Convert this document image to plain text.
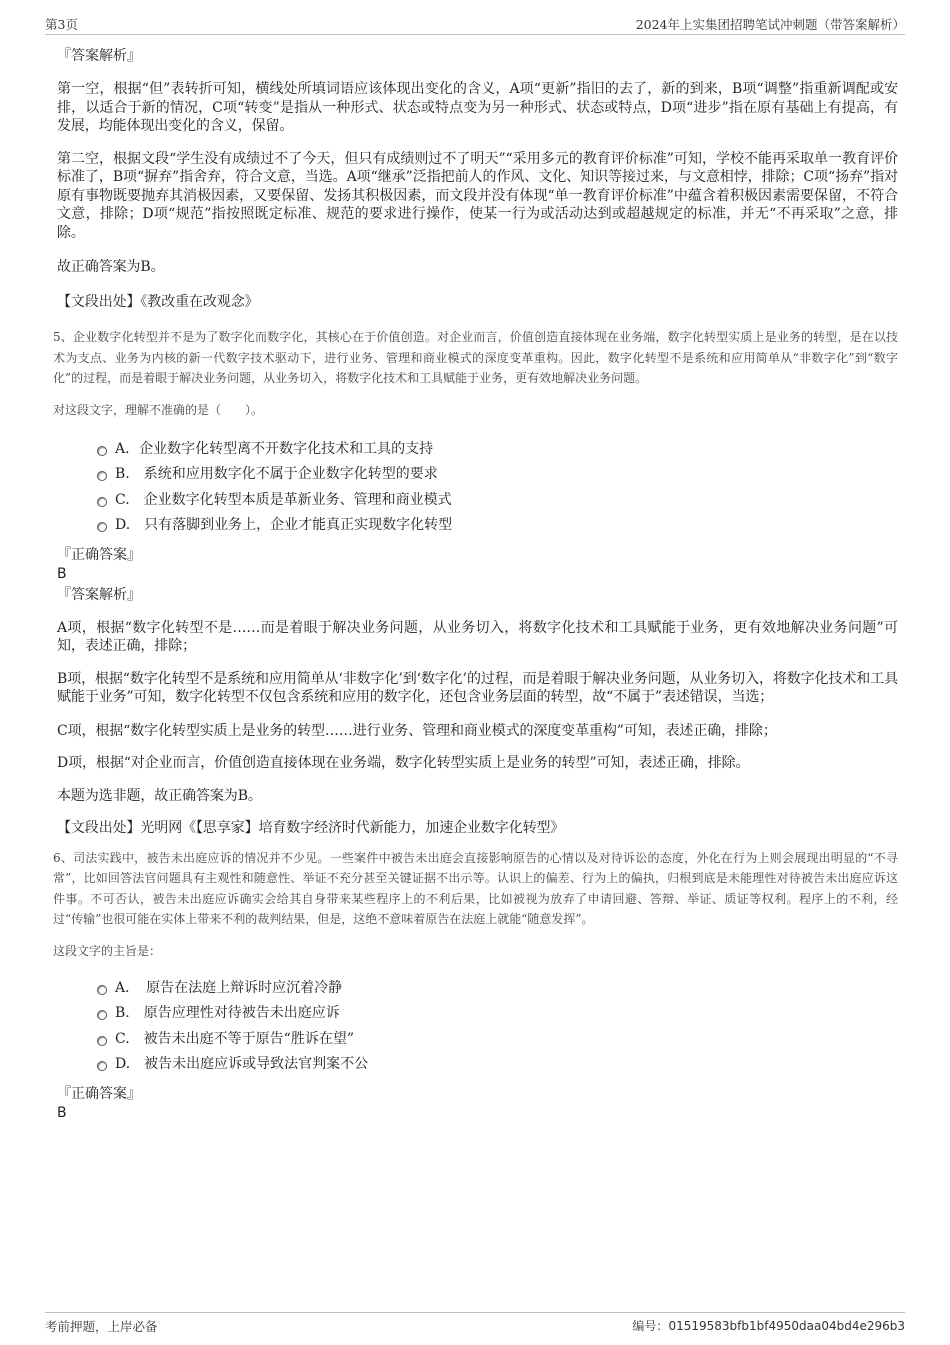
第3页	2024年上实集团招聘笔试冲刺题（带答案解析）

『答案解析』

第一空，根据“但”表转折可知，横线处所填词语应该体现出变化的含义，A项“更新”指旧的去了，新的到来，B项“调整”指重新调配或安排，以适合于新的情况，C项“转变”是指从一种形式、状态或特点变为另一种形式、状态或特点，D项“进步”指在原有基础上有提高，有发展，均能体现出变化的含义，保留。

第二空，根据文段“学生没有成绩过不了今天，但只有成绩则过不了明天”“采用多元的教育评价标准”可知，学校不能再采取单一教育评价标准了，B项“摒弃”指舍弃，符合文意，当选。A项“继承”泛指把前人的作风、文化、知识等接过来，与文意相悖，排除；C项“扬弃”指对原有事物既要抛弃其消极因素，又要保留、发扬其积极因素，而文段并没有体现“单一教育评价标准”中蕴含着积极因素需要保留，不符合文意，排除；D项“规范”指按照既定标准、规范的要求进行操作，使某一行为或活动达到或超越规定的标准，并无“不再采取”之意，排除。

故正确答案为B。

【文段出处】《教改重在改观念》

5、企业数字化转型并不是为了数字化而数字化，其核心在于价值创造。对企业而言，价值创造直接体现在业务端，数字化转型实质上是业务的转型，是在以技术为支点、业务为内核的新一代数字技术驱动下，进行业务、管理和商业模式的深度变革重构。因此，数字化转型不是系统和应用简单从“非数字化”到“数字化”的过程，而是着眼于解决业务问题，从业务切入，将数字化技术和工具赋能于业务，更有效地解决业务问题。

对这段文字，理解不准确的是（　　）。

A．企业数字化转型离不开数字化技术和工具的支持
B.　系统和应用数字化不属于企业数字化转型的要求
C.　企业数字化转型本质是革新业务、管理和商业模式
D.　只有落脚到业务上，企业才能真正实现数字化转型

『正确答案』

B

『答案解析』

A项，根据“数字化转型不是……而是着眼于解决业务问题，从业务切入，将数字化技术和工具赋能于业务，更有效地解决业务问题”可知，表述正确，排除；

B项，根据“数字化转型不是系统和应用简单从‘非数字化’到‘数字化’的过程，而是着眼于解决业务问题，从业务切入，将数字化技术和工具赋能于业务”可知，数字化转型不仅包含系统和应用的数字化，还包含业务层面的转型，故“不属于”表述错误，当选；

C项，根据“数字化转型实质上是业务的转型……进行业务、管理和商业模式的深度变革重构”可知，表述正确，排除；

D项，根据“对企业而言，价值创造直接体现在业务端，数字化转型实质上是业务的转型”可知，表述正确，排除。

本题为选非题，故正确答案为B。

【文段出处】光明网《【思享家】培育数字经济时代新能力，加速企业数字化转型》

6、司法实践中，被告未出庭应诉的情况并不少见。一些案件中被告未出庭会直接影响原告的心情以及对待诉讼的态度，外化在行为上则会展现出明显的“不寻常”，比如回答法官问题具有主观性和随意性、举证不充分甚至关键证据不出示等。认识上的偏差、行为上的偏执，归根到底是未能理性对待被告未出庭应诉这件事。不可否认，被告未出庭应诉确实会给其自身带来某些程序上的不利后果，比如被视为放弃了申请回避、答辩、举证、质证等权利。程序上的不利，经过“传输”也很可能在实体上带来不利的裁判结果，但是，这绝不意味着原告在法庭上就能“随意发挥”。

这段文字的主旨是：

A．　原告在法庭上辩诉时应沉着冷静
B.　原告应理性对待被告未出庭应诉
C.　被告未出庭不等于原告“胜诉在望”
D.　被告未出庭应诉或导致法官判案不公

『正确答案』

B

考前押题，上岸必备	编号：01519583bfb1bf4950daa04bd4e296b3
